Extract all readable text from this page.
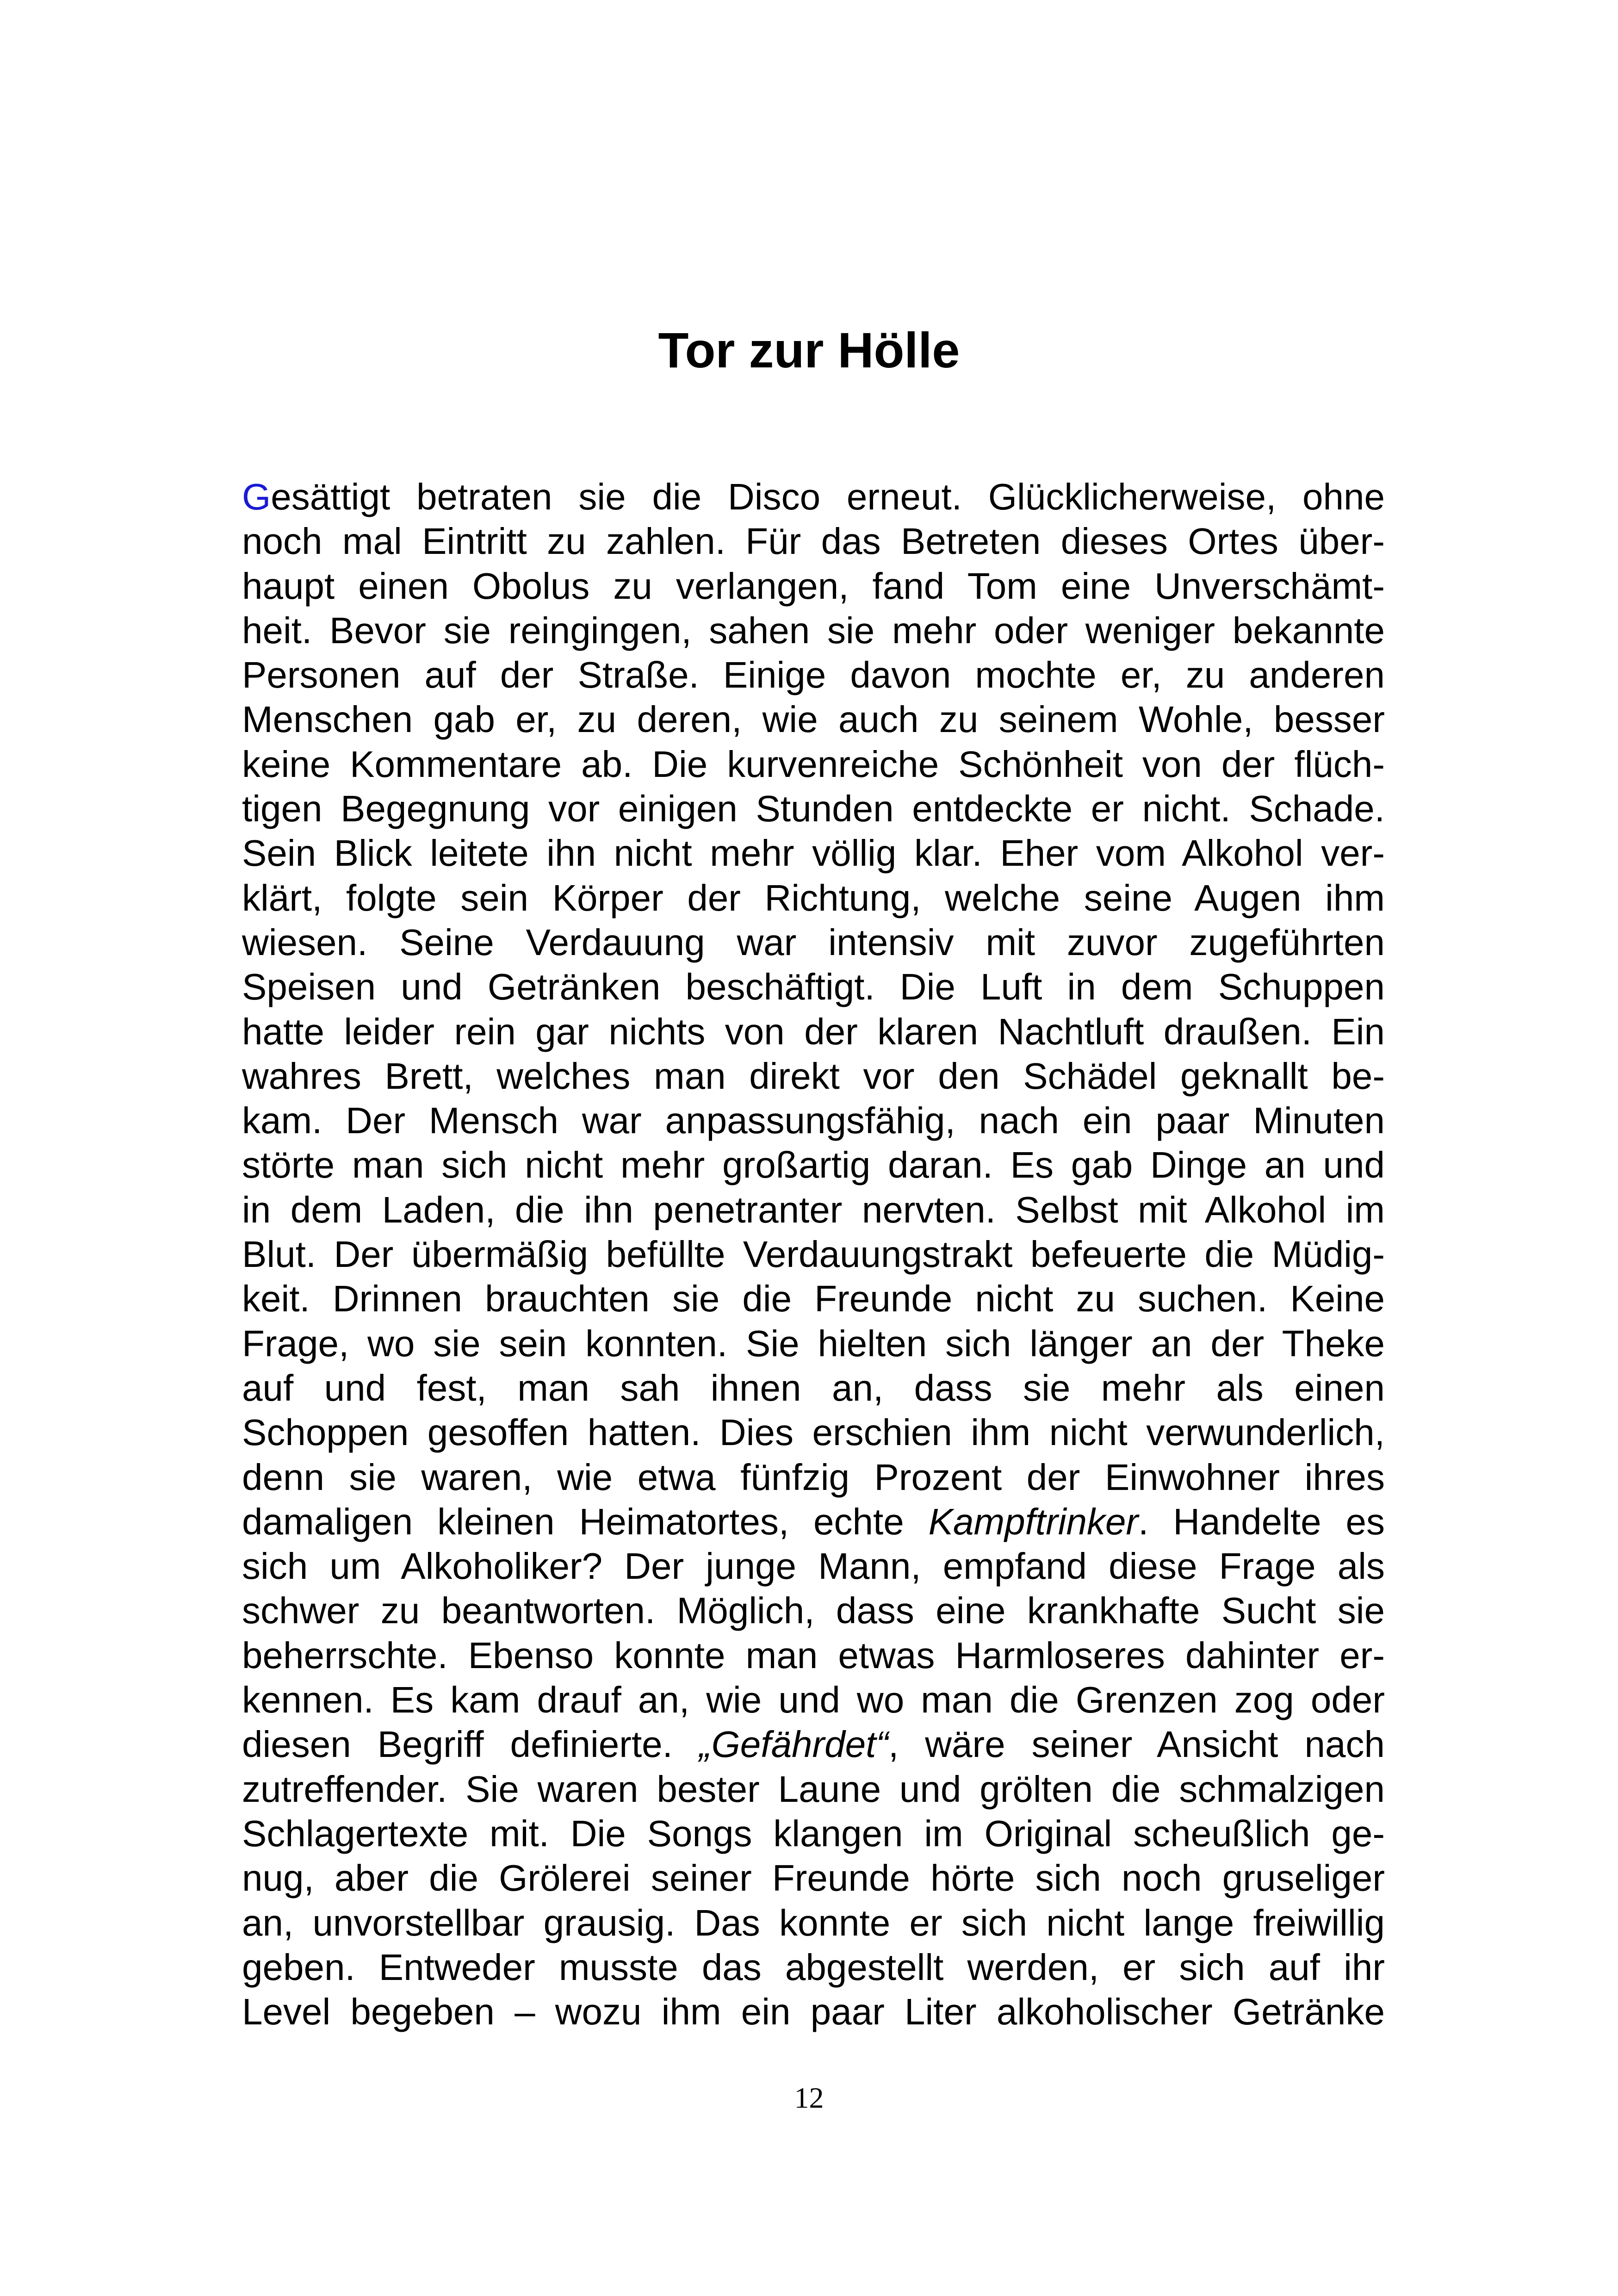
Tor zur Hölle
Gesättigt betraten sie die Disco erneut. Glücklicherweise, ohne
noch mal Eintritt zu zahlen. Für das Betreten dieses Ortes über-
haupt einen Obolus zu verlangen, fand Tom eine Unverschämt-
heit. Bevor sie reingingen, sahen sie mehr oder weniger bekannte
Personen auf der Straße. Einige davon mochte er, zu anderen
Menschen gab er, zu deren, wie auch zu seinem Wohle, besser
keine Kommentare ab. Die kurvenreiche Schönheit von der flüch-
tigen Begegnung vor einigen Stunden entdeckte er nicht. Schade.
Sein Blick leitete ihn nicht mehr völlig klar. Eher vom Alkohol ver-
klärt, folgte sein Körper der Richtung, welche seine Augen ihm
wiesen. Seine Verdauung war intensiv mit zuvor zugeführten
Speisen und Getränken beschäftigt. Die Luft in dem Schuppen
hatte leider rein gar nichts von der klaren Nachtluft draußen. Ein
wahres Brett, welches man direkt vor den Schädel geknallt be-
kam. Der Mensch war anpassungsfähig, nach ein paar Minuten
störte man sich nicht mehr großartig daran. Es gab Dinge an und
in dem Laden, die ihn penetranter nervten. Selbst mit Alkohol im
Blut. Der übermäßig befüllte Verdauungstrakt befeuerte die Müdig-
keit. Drinnen brauchten sie die Freunde nicht zu suchen. Keine
Frage, wo sie sein konnten. Sie hielten sich länger an der Theke
auf und fest, man sah ihnen an, dass sie mehr als einen
Schoppen gesoffen hatten. Dies erschien ihm nicht verwunderlich,
denn sie waren, wie etwa fünfzig Prozent der Einwohner ihres
damaligen kleinen Heimatortes, echte Kampftrinker. Handelte es
sich um Alkoholiker? Der junge Mann, empfand diese Frage als
schwer zu beantworten. Möglich, dass eine krankhafte Sucht sie
beherrschte. Ebenso konnte man etwas Harmloseres dahinter er-
kennen. Es kam drauf an, wie und wo man die Grenzen zog oder
diesen Begriff definierte. „Gefährdet“, wäre seiner Ansicht nach
zutreffender. Sie waren bester Laune und grölten die schmalzigen
Schlagertexte mit. Die Songs klangen im Original scheußlich ge-
nug, aber die Grölerei seiner Freunde hörte sich noch gruseliger
an, unvorstellbar grausig. Das konnte er sich nicht lange freiwillig
geben. Entweder musste das abgestellt werden, er sich auf ihr
Level begeben – wozu ihm ein paar Liter alkoholischer Getränke
12
